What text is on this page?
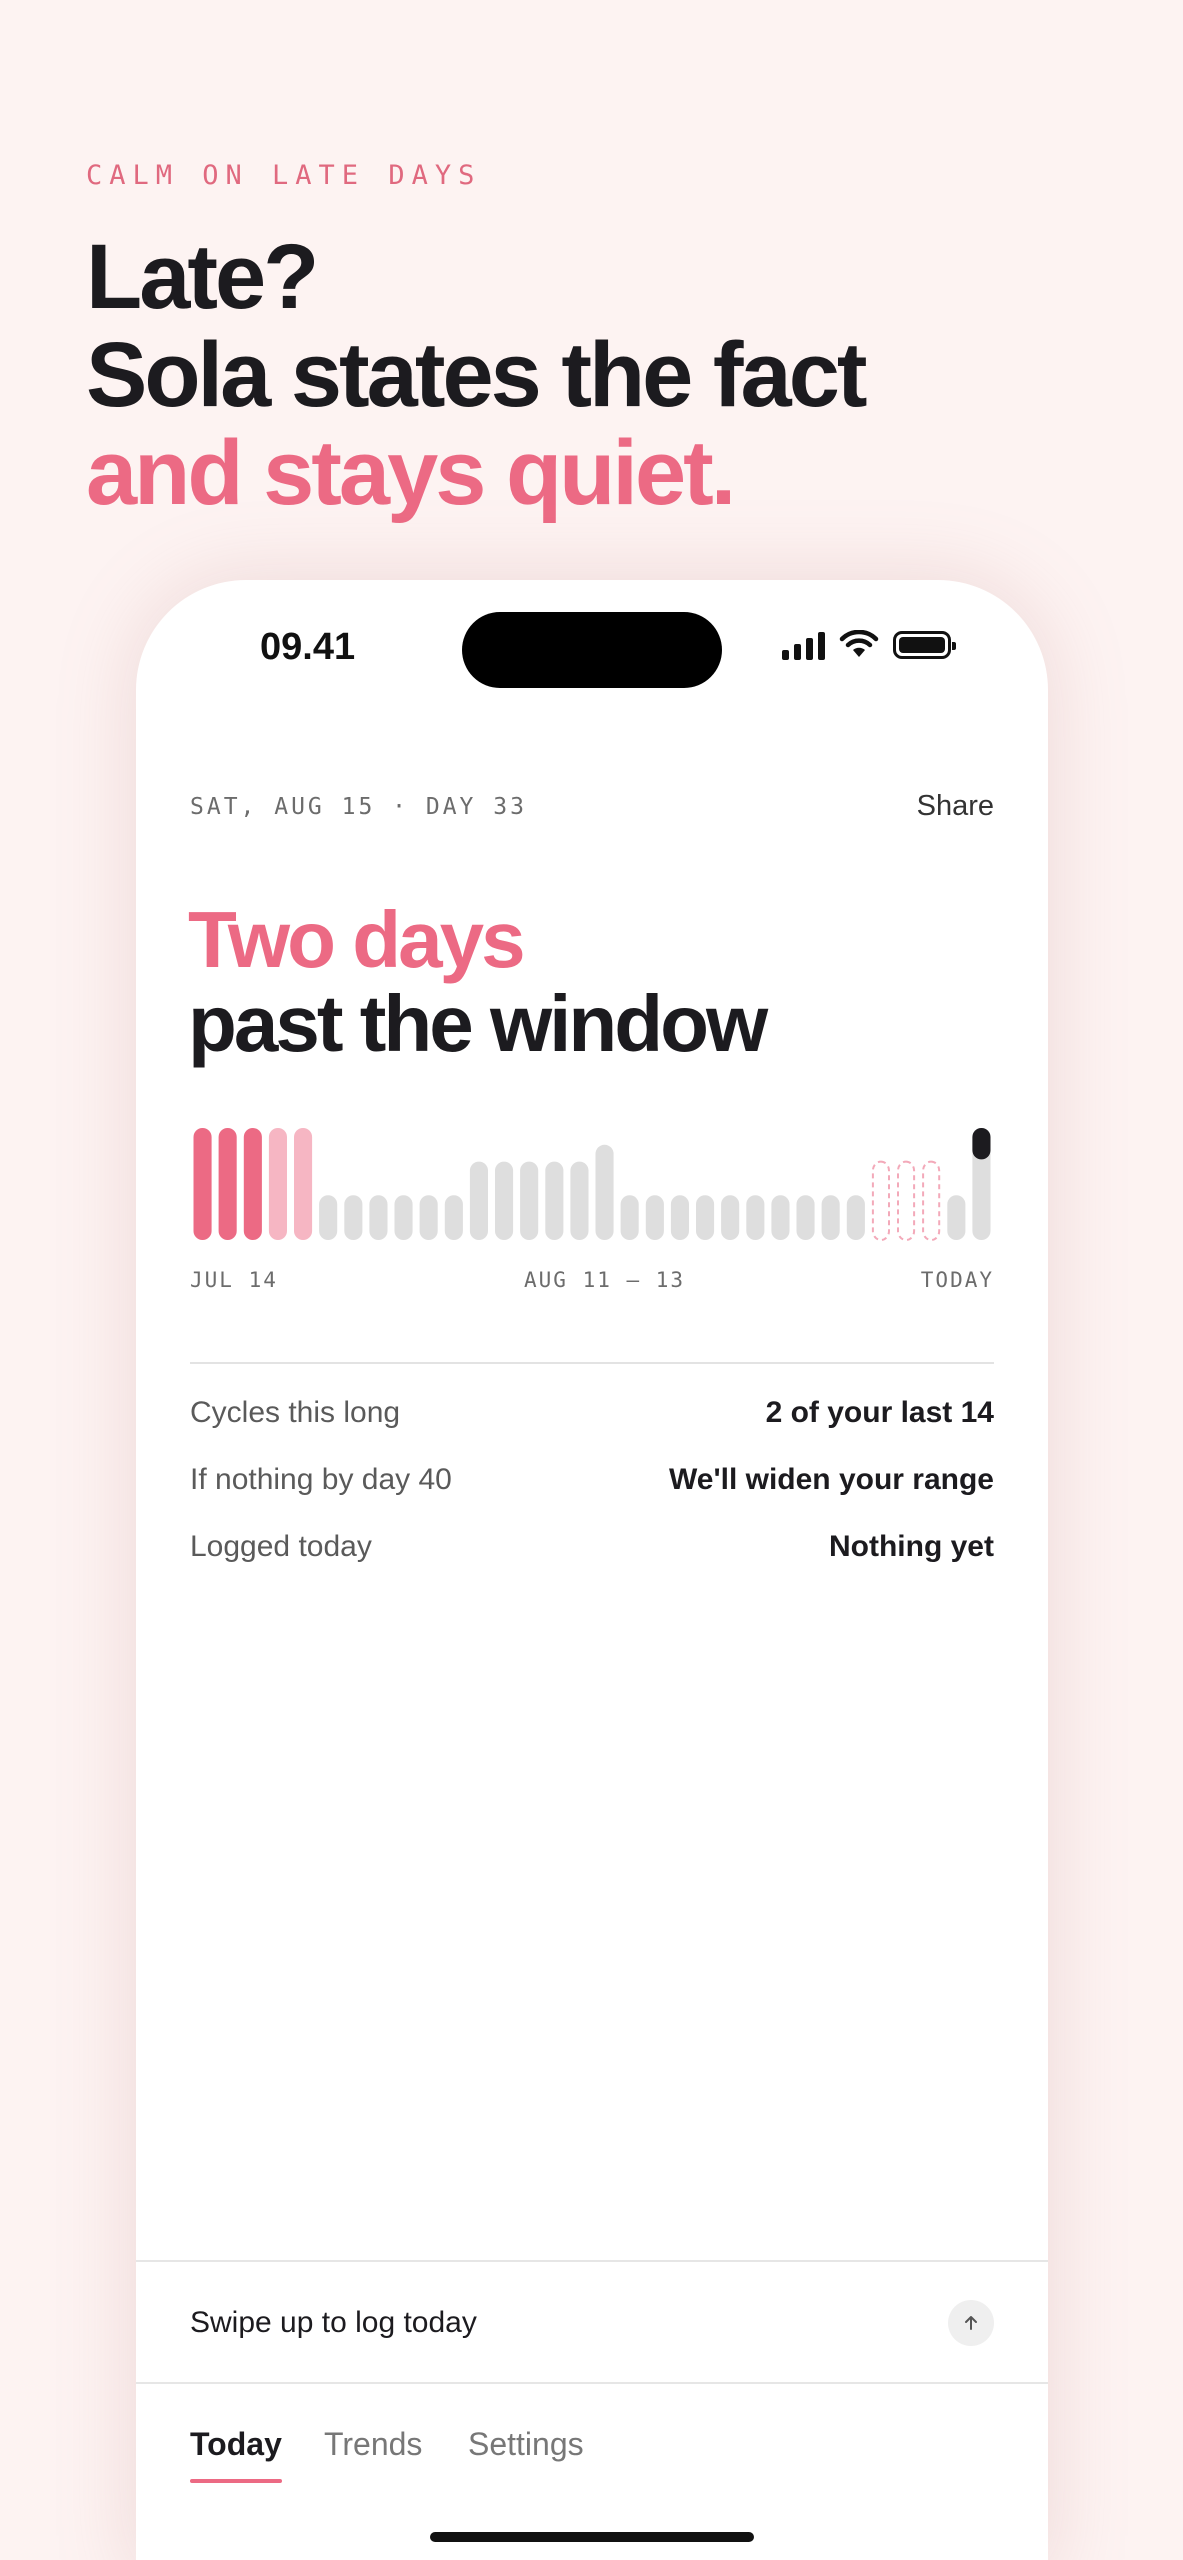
CALM ON LATE DAYS
Late?
Sola states the fact
and stays quiet.
09.41
SAT, AUG 15 · DAY 33	Share
Two days
past the window
JUL 14	AUG 11 – 13	TODAY
Cycles this long	2 of your last 14
If nothing by day 40	We'll widen your range
Logged today	Nothing yet
Swipe up to log today
Today Trends Settings
